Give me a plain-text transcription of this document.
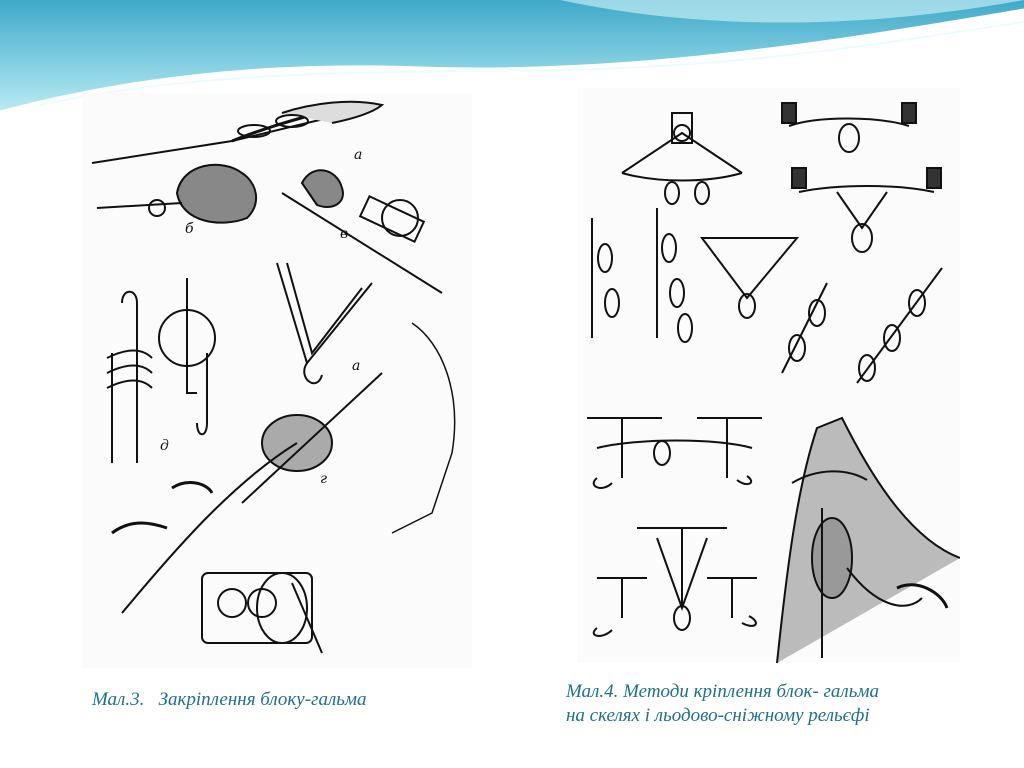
а
б	в
а
д
г

Мал.3.   Закріплення блоку-гальма	Мал.4. Методи кріплення блок- гальма
на скелях і льодово-сніжному рельєфі
